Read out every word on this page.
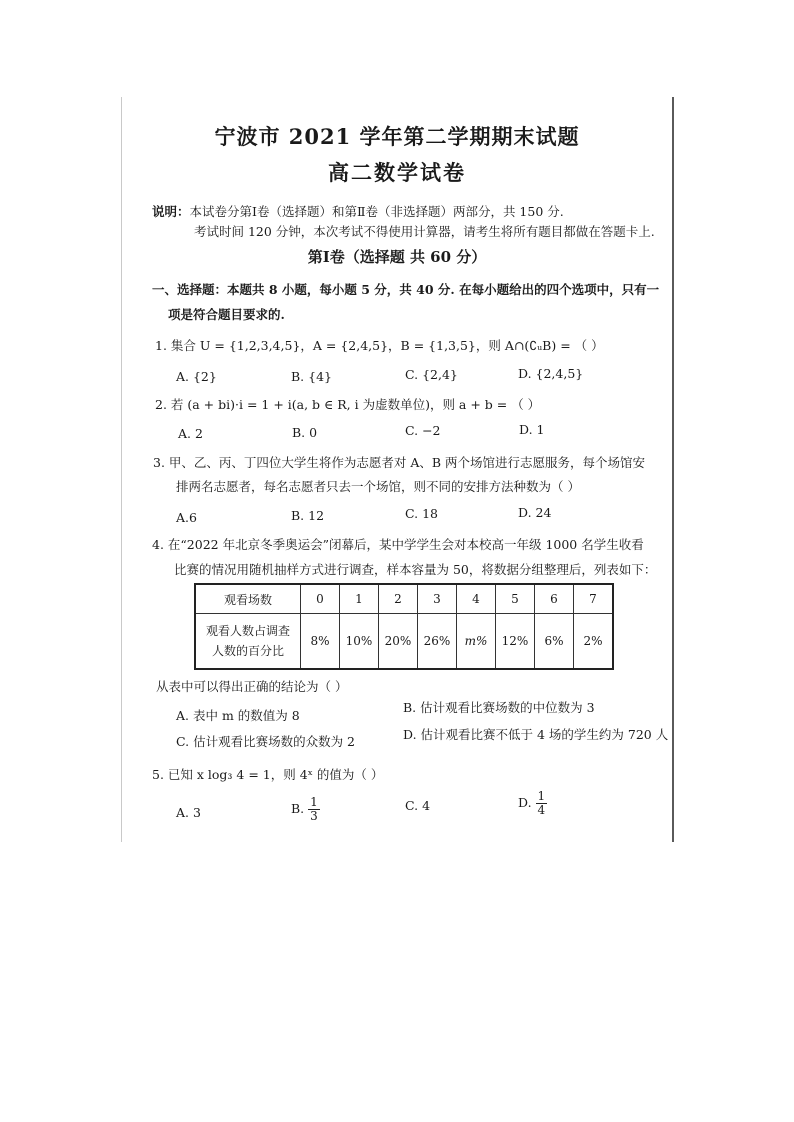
宁波市 2021 学年第二学期期末试题
高二数学试卷
说明：本试卷分第Ⅰ卷（选择题）和第Ⅱ卷（非选择题）两部分，共 150 分.
考试时间 120 分钟，本次考试不得使用计算器，请考生将所有题目都做在答题卡上.
第Ⅰ卷（选择题 共 60 分）
一、选择题：本题共 8 小题，每小题 5 分，共 40 分. 在每小题给出的四个选项中，只有一
项是符合题目要求的.
1. 集合 U = {1,2,3,4,5}，A = {2,4,5}，B = {1,3,5}，则 A∩(∁ᵤB) = （ ）
A. {2}	B. {4}	C. {2,4}	D. {2,4,5}
2. 若 (a + bi)·i = 1 + i(a, b ∈ R, i 为虚数单位)，则 a + b = （ ）
A. 2	B. 0	C. −2	D. 1
3. 甲、乙、丙、丁四位大学生将作为志愿者对 A、B 两个场馆进行志愿服务，每个场馆安
排两名志愿者，每名志愿者只去一个场馆，则不同的安排方法种数为（ ）
A.6	B. 12	C. 18	D. 24
4. 在“2022 年北京冬季奥运会”闭幕后，某中学学生会对本校高一年级 1000 名学生收看
比赛的情况用随机抽样方式进行调查，样本容量为 50，将数据分组整理后，列表如下：
观看场数	0	1	2	3	4	5	6	7

观看人数占调查
人数的百分比	8%	10%	20%	26%	m%	12%	6%	2%
从表中可以得出正确的结论为（ ）
A. 表中 m 的数值为 8
B. 估计观看比赛场数的中位数为 3
C. 估计观看比赛场数的众数为 2	D. 估计观看比赛不低于 4 场的学生约为 720 人
5. 已知 x log₃ 4 = 1，则 4ˣ 的值为（ ）
A. 3	B. $\frac{1}{3}$	C. 4	D. $\frac{1}{4}$
